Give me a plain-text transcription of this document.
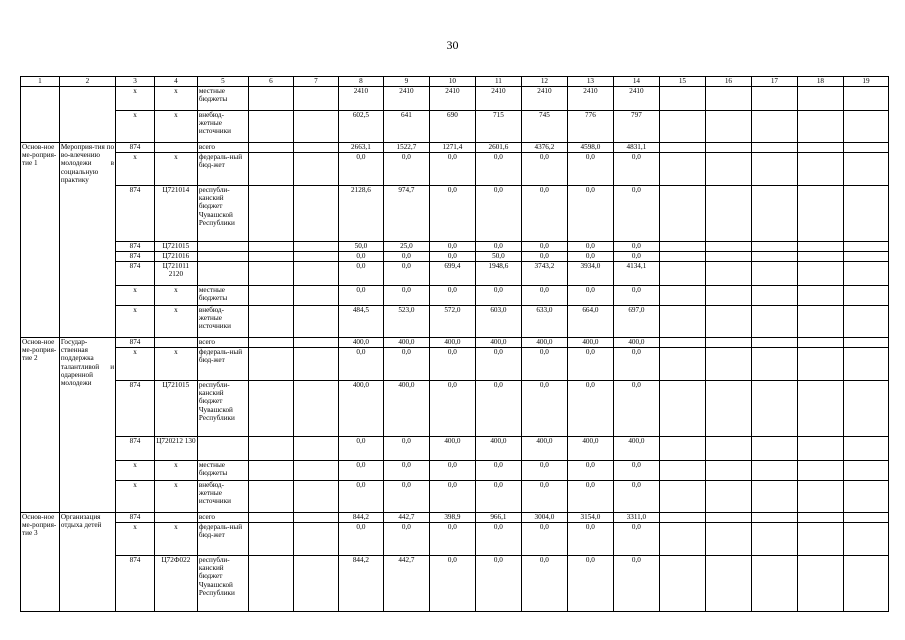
30
1	2	3	4	5	6	7	8	9	10	11	12	13	14	15	16	17	18	19
		x	x	местные бюджеты			2410	2410	2410	2410	2410	2410	2410					
		x	x	внебюд-жетные источники			602,5	641	690	715	745	776	797					
Основ-ное ме-роприя-тие 1	Мероприя-тия по во-влечению молодежи в социальную практику	874		всего			2663,1	1522,7	1271,4	2601,6	4376,2	4598,0	4831,1					
		x	x	федераль-ный бюд-жет			0,0	0,0	0,0	0,0	0,0	0,0	0,0					
		874	Ц721014	республи-канский бюджет Чувашской Республики			2128,6	974,7	0,0	0,0	0,0	0,0	0,0					
		874	Ц721015				50,0	25,0	0,0	0,0	0,0	0,0	0,0					
		874	Ц721016				0,0	0,0	0,0	50,0	0,0	0,0	0,0					
		874	Ц721011 2120				0,0	0,0	699,4	1948,6	3743,2	3934,0	4134,1					
		x	x	местные бюджеты			0,0	0,0	0,0	0,0	0,0	0,0	0,0					
		x	x	внебюд-жетные источники			484,5	523,0	572,0	603,0	633,0	664,0	697,0					
Основ-ное ме-роприя-тие 2	Государ-ственная поддержка талантливой и одаренной молодежи	874		всего			400,0	400,0	400,0	400,0	400,0	400,0	400,0					
		x	x	федераль-ный бюд-жет			0,0	0,0	0,0	0,0	0,0	0,0	0,0					
		874	Ц721015	республи-канский бюджет Чувашской Республики			400,0	400,0	0,0	0,0	0,0	0,0	0,0					
		874	Ц720212 130				0,0	0,0	400,0	400,0	400,0	400,0	400,0					
		x	x	местные бюджеты			0,0	0,0	0,0	0,0	0,0	0,0	0,0					
		x	x	внебюд-жетные источники			0,0	0,0	0,0	0,0	0,0	0,0	0,0					
Основ-ное ме-роприя-тие 3	Организация отдыха детей	874		всего			844,2	442,7	398,9	966,1	3004,0	3154,0	3311,0					
		x	x	федераль-ный бюд-жет			0,0	0,0	0,0	0,0	0,0	0,0	0,0					
		874	Ц72Ф022	республи-канский бюджет Чувашской Республики			844,2	442,7	0,0	0,0	0,0	0,0	0,0					
